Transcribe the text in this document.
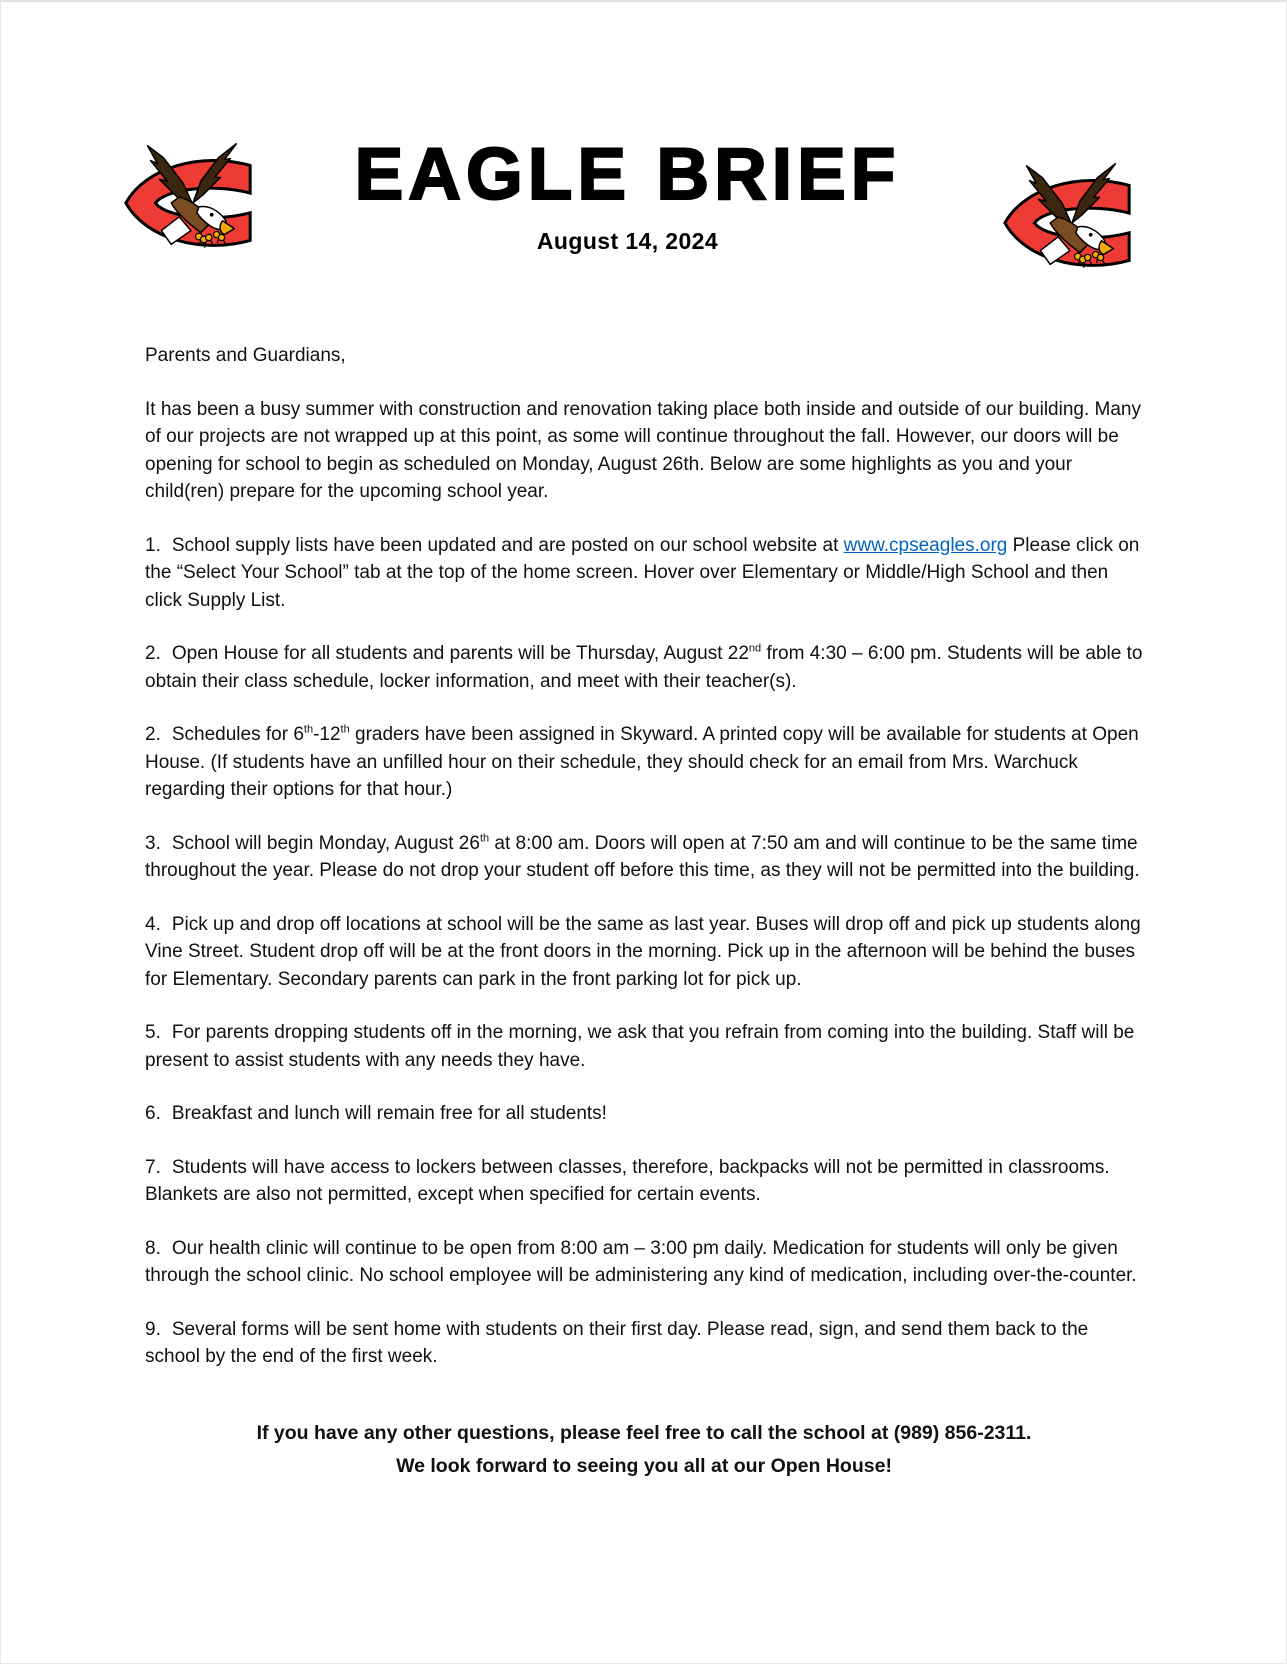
EAGLE BRIEF
August 14, 2024

Parents and Guardians,

It has been a busy summer with construction and renovation taking place both inside and outside of our building. Many of our projects are not wrapped up at this point, as some will continue throughout the fall. However, our doors will be opening for school to begin as scheduled on Monday, August 26th. Below are some highlights as you and your child(ren) prepare for the upcoming school year.

1. School supply lists have been updated and are posted on our school website at www.cpseagles.org Please click on the “Select Your School” tab at the top of the home screen. Hover over Elementary or Middle/High School and then click Supply List.

2. Open House for all students and parents will be Thursday, August 22nd from 4:30 – 6:00 pm. Students will be able to obtain their class schedule, locker information, and meet with their teacher(s).

2. Schedules for 6th-12th graders have been assigned in Skyward. A printed copy will be available for students at Open House. (If students have an unfilled hour on their schedule, they should check for an email from Mrs. Warchuck regarding their options for that hour.)

3. School will begin Monday, August 26th at 8:00 am. Doors will open at 7:50 am and will continue to be the same time throughout the year. Please do not drop your student off before this time, as they will not be permitted into the building.

4. Pick up and drop off locations at school will be the same as last year. Buses will drop off and pick up students along Vine Street. Student drop off will be at the front doors in the morning. Pick up in the afternoon will be behind the buses for Elementary. Secondary parents can park in the front parking lot for pick up.

5. For parents dropping students off in the morning, we ask that you refrain from coming into the building. Staff will be present to assist students with any needs they have.

6. Breakfast and lunch will remain free for all students!

7. Students will have access to lockers between classes, therefore, backpacks will not be permitted in classrooms. Blankets are also not permitted, except when specified for certain events.

8. Our health clinic will continue to be open from 8:00 am – 3:00 pm daily. Medication for students will only be given through the school clinic. No school employee will be administering any kind of medication, including over-the-counter.

9. Several forms will be sent home with students on their first day. Please read, sign, and send them back to the school by the end of the first week.

If you have any other questions, please feel free to call the school at (989) 856-2311.
We look forward to seeing you all at our Open House!
